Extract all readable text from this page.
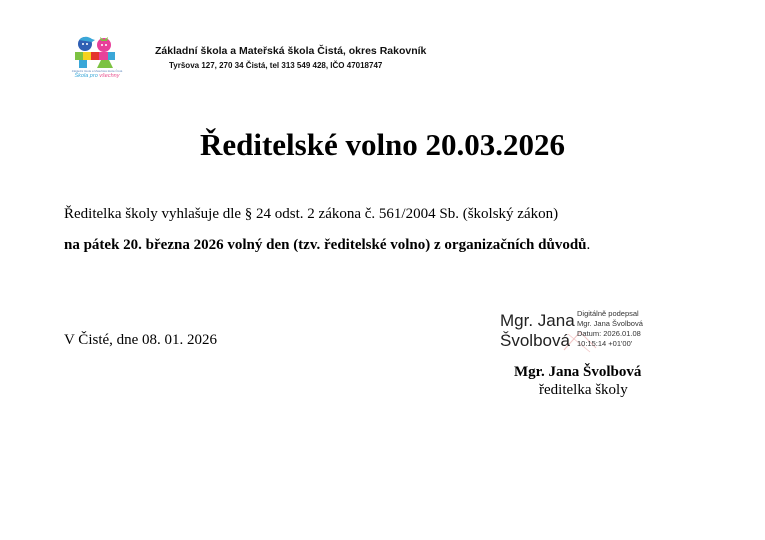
Základní škola a Mateřská škola Čistá
Škola pro všechny
Základní škola a Mateřská škola Čistá, okres Rakovník
Tyršova 127, 270 34 Čistá, tel 313 549 428, IČO 47018747
Ředitelské volno 20.03.2026
Ředitelka školy vyhlašuje dle § 24 odst. 2 zákona č. 561/2004 Sb. (školský zákon)
na pátek 20. března 2026 volný den (tzv. ředitelské volno) z organizačních důvodů.
V Čisté, dne 08. 01. 2026
Mgr. Jana
Švolbová
Digitálně podepsal
Mgr. Jana Švolbová
Datum: 2026.01.08
10:15:14 +01'00'
Mgr. Jana Švolbová
ředitelka školy
